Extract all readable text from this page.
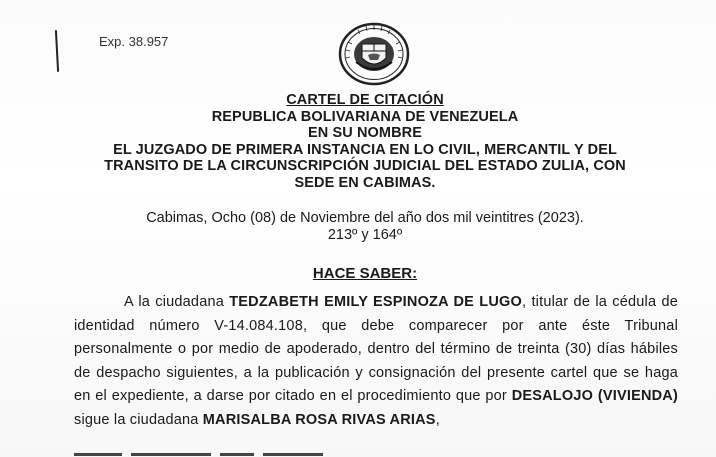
Exp. 38.957
CARTEL DE CITACIÓN
REPUBLICA BOLIVARIANA DE VENEZUELA
EN SU NOMBRE
EL JUZGADO DE PRIMERA INSTANCIA EN LO CIVIL, MERCANTIL Y DEL
TRANSITO DE LA CIRCUNSCRIPCIÓN JUDICIAL DEL ESTADO ZULIA, CON
SEDE EN CABIMAS.
Cabimas, Ocho (08) de Noviembre del año dos mil veintitres (2023).
213º y 164º
HACE SABER:

A la ciudadana TEDZABETH EMILY ESPINOZA DE LUGO, titular de la cédula de identidad número V-14.084.108, que debe comparecer por ante éste Tribunal personalmente o por medio de apoderado, dentro del término de treinta (30) días hábiles de despacho siguientes, a la publicación y consignación del presente cartel que se haga en el expediente, a darse por citado en el procedimiento que por DESALOJO (VIVIENDA) sigue la ciudadana MARISALBA ROSA RIVAS ARIAS,
